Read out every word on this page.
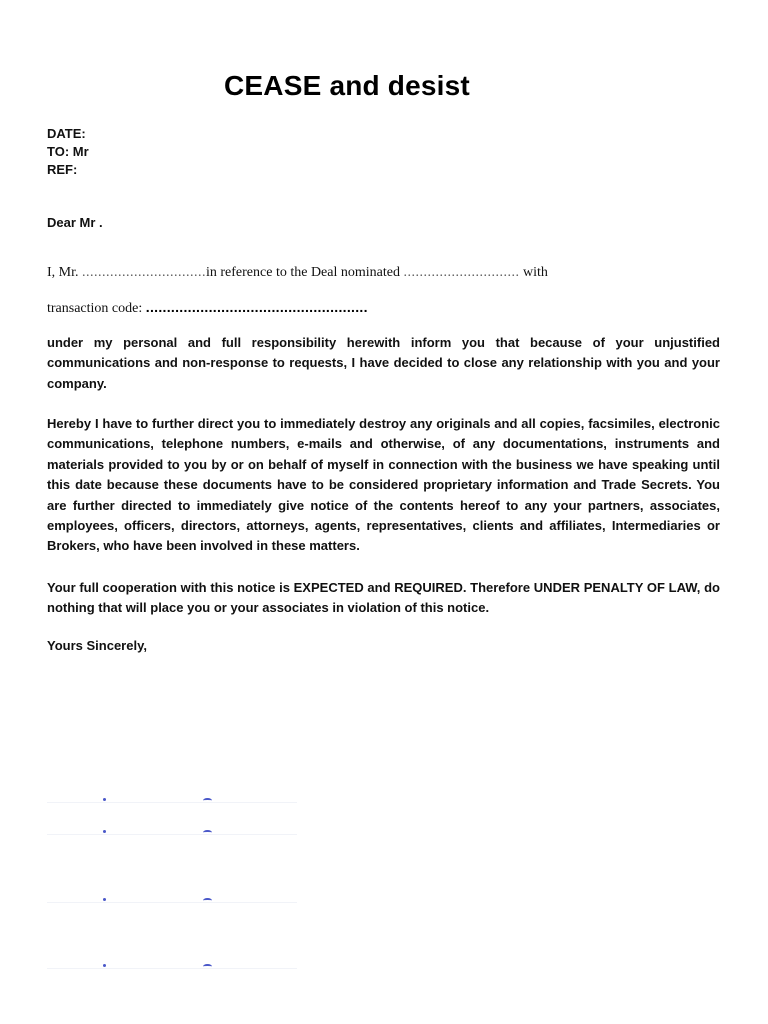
CEASE and desist
DATE:
TO: Mr
REF:
Dear Mr .
I, Mr. ...............................in reference to the Deal nominated ............................. with
transaction code: .....................................................

under my personal and full responsibility herewith inform you that because of your unjustified communications and non-response to requests, I have decided to close any relationship with you and your company.

Hereby I have to further direct you to immediately destroy any originals and all copies, facsimiles, electronic communications, telephone numbers, e-mails and otherwise, of any documentations, instruments and materials provided to you by or on behalf of myself in connection with the business we have speaking until this date because these documents have to be considered proprietary information and Trade Secrets. You are further directed to immediately give notice of the contents hereof to any your partners, associates, employees, officers, directors, attorneys, agents, representatives, clients and affiliates, Intermediaries or Brokers, who have been involved in these matters.

Your full cooperation with this notice is EXPECTED and REQUIRED. Therefore UNDER PENALTY OF LAW, do nothing that will place you or your associates in violation of this notice.

Yours Sincerely,
